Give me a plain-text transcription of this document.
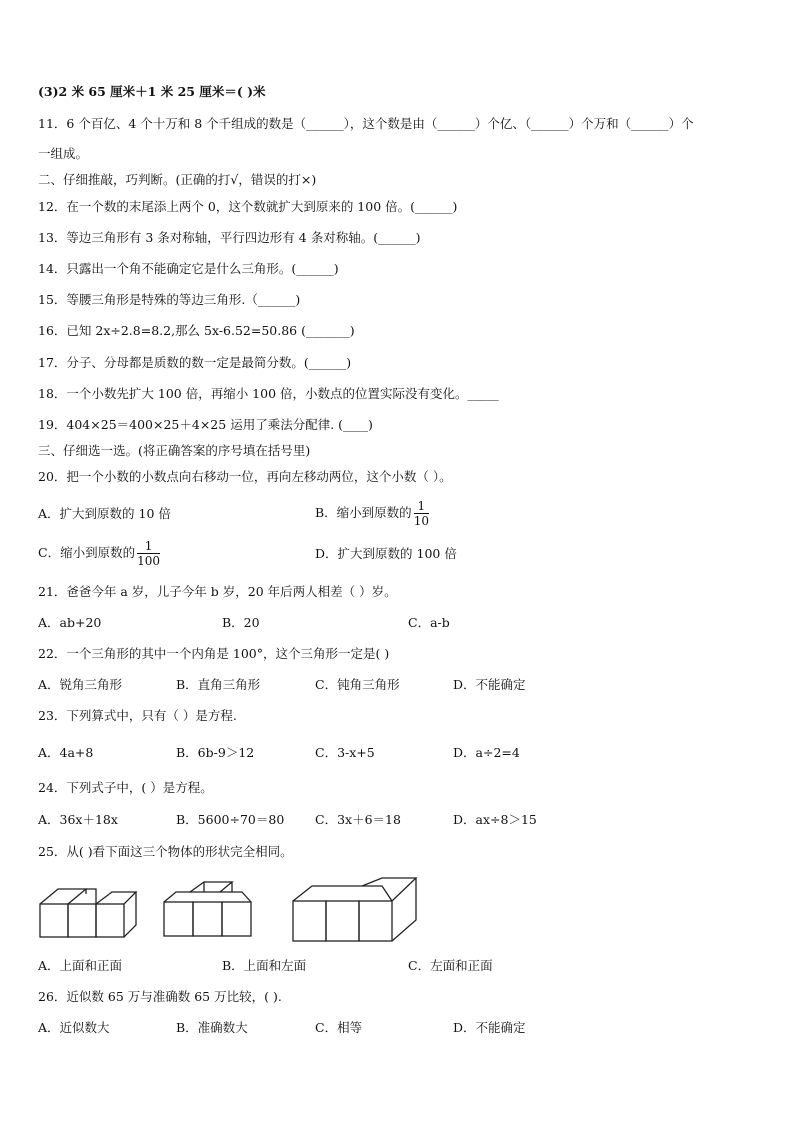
(3)2 米 65 厘米＋1 米 25 厘米＝( )米
11．6 个百亿、4 个十万和 8 个千组成的数是（______），这个数是由（______）个亿、（______）个万和（______）个
一组成。
二、仔细推敲，巧判断。(正确的打√，错误的打×)
12．在一个数的末尾添上两个 0，这个数就扩大到原来的 100 倍。(______)
13．等边三角形有 3 条对称轴，平行四边形有 4 条对称轴。(______)
14．只露出一个角不能确定它是什么三角形。(______)
15．等腰三角形是特殊的等边三角形.（______)
16．已知 2x÷2.8=8.2,那么 5x-6.52=50.86 (_______)
17．分子、分母都是质数的数一定是最简分数。(______)
18．一个小数先扩大 100 倍，再缩小 100 倍，小数点的位置实际没有变化。_____
19．404×25＝400×25＋4×25 运用了乘法分配律. (____)
三、仔细选一选。(将正确答案的序号填在括号里)
20．把一个小数的小数点向右移动一位，再向左移动两位，这个小数（ ）。
A．扩大到原数的 10 倍	B．缩小到原数的 $\frac{1}{10}$
C．缩小到原数的 $\frac{1}{100}$	D．扩大到原数的 100 倍
21．爸爸今年 a 岁，儿子今年 b 岁，20 年后两人相差（ ）岁。
A．ab+20	B．20	C．a-b
22．一个三角形的其中一个内角是 100°，这个三角形一定是( )
A．锐角三角形	B．直角三角形	C．钝角三角形	D．不能确定
23．下列算式中，只有（ ）是方程.
A．4a+8	B．6b-9＞12	C．3-x+5	D．a÷2=4
24．下列式子中，( ）是方程。
A．36x＋18x	B．5600÷70＝80 C．3x＋6＝18	D．ax÷8＞15
25．从( )看下面这三个物体的形状完全相同。
A．上面和正面	B．上面和左面	C．左面和正面
26．近似数 65 万与准确数 65 万比较，( ).
A．近似数大	B．准确数大	C．相等	D．不能确定
